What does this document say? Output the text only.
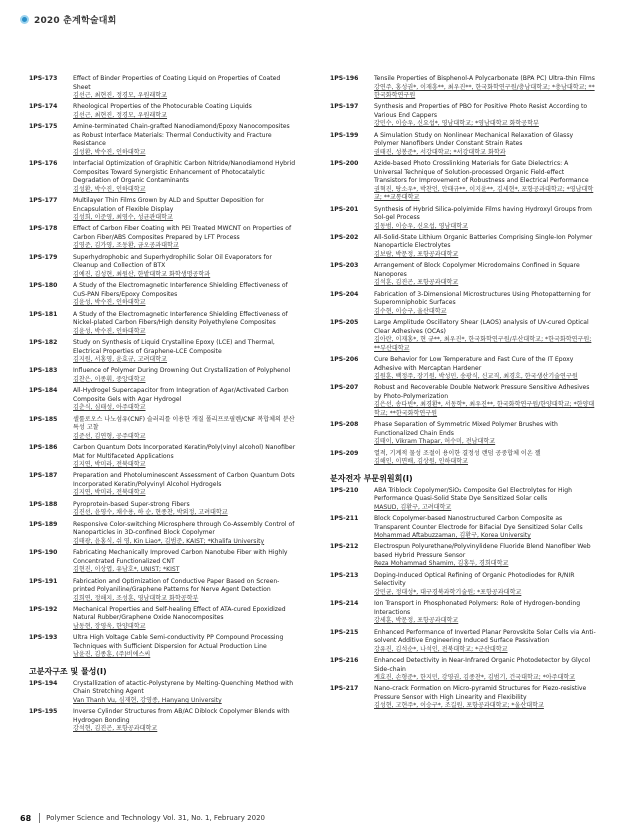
2020 춘계학술대회
1PS-173	Effect of Binder Properties of Coating Liquid on Properties of Coated Sheet
김선근, 최현진, 정경모, 우원래학교
1PS-174	Rheological Properties of the Photocurable Coating Liquids
김선근, 최현진, 정경모, 우원래학교
1PS-175	Amine-terminated Chain-grafted Nanodiamond/Epoxy Nanocomposites as Robust Interface Materials: Thermal Conductivity and Fracture Resistance
김성환, 박수진, 인하대학교
1PS-176	Interfacial Optimization of Graphitic Carbon Nitride/Nanodiamond Hybrid Composites Toward Synergistic Enhancement of Photocatalytic Degradation of Organic Contaminants
김성환, 박수진, 인하대학교
1PS-177	Multilayer Thin Films Grown by ALD and Sputter Deposition for Encapsulation of Flexible Display
김성희, 이준영, 최영수, 성균관대학교
1PS-178	Effect of Carbon Fiber Coating with PEI Treated MWCNT on Properties of Carbon Fiber/ABS Composites Prepared by LFT Process
김영준, 김가영, 조동환, 금오공과대학교
1PS-179	Superhydrophobic and Superhydrophilic Solar Oil Evaporators for Cleanup and Collection of BTX
김예진, 김성현, 최원산, 한밭대학교 화학생명공학과
1PS-180	A Study of the Electromagnetic Interference Shielding Effectiveness of CuS-PAN Fibers/Epoxy Composites
김윤성, 박수진, 인하대학교
1PS-181	A Study of the Electromagnetic Interference Shielding Effectiveness of Nickel-plated Carbon Fibers/High density Polyethylene Composites
김윤성, 박수진, 인하대학교
1PS-182	Study on Synthesis of Liquid Crystalline Epoxy (LCE) and Thermal, Electrical Properties of Graphene-LCE Composite
김지원, 서홍영, 윤효규, 고려대학교
1PS-183	Influence of Polymer During Drowning Out Crystallization of Polyphenol
김찬은, 이종휘, 중앙대학교
1PS-184	All-Hydrogel Supercapacitor from Integration of Agar/Activated Carbon Composite Gels with Agar Hydrogel
김춘식, 심태성, 아주대학교
1PS-185	셀룰로오스 나노섬유(CNF) 슬러리를 이용한 개질 폴리프로필렌/CNF 복합체의 분산특성 고찰
김준선, 김연형, 공주대학교
1PS-186	Carbon Quantum Dots Incorporated Keratin/Poly(vinyl alcohol) Nanofiber Mat for Multifaceted Applications
김지연, 박미라, 전북대학교
1PS-187	Preparation and Photoluminescent Assessment of Carbon Quantum Dots Incorporated Keratin/Polyvinyl Alcohol Hydrogels
김지연, 박미라, 전북대학교
1PS-188	Pyroprotein-based Super-strong Fibers
김진선, 윤영수, 채수용, 하 순, 현종찬, 박외정, 고려대학교
1PS-189	Responsive Color-switching Microsphere through Co-Assembly Control of Nanoparticles in 3D-confined Block Copolymer
김태광, 윤홍식, 쉬 영, Kin Liao*, 김범준, KAIST; *Khalifa University
1PS-190	Fabricating Mechanically Improved Carbon Nanotube Fiber with Highly Concentrated Functionalized CNT
김현진, 이상엽, 유남호*, UNIST; *KIST
1PS-191	Fabrication and Optimization of Conductive Paper Based on Screen-printed Polyaniline/Graphene Patterns for Nerve Agent Detection
김희연, 정해지, 조성훈, 영남대학교 화학공학부
1PS-192	Mechanical Properties and Self-healing Effect of ATA-cured Epoxidized Natural Rubber/Graphene Oxide Nanocomposites
남동현, 장영욱, 한양대학교
1PS-193	Ultra High Voltage Cable Semi-conductivity PP Compound Processing Techniques with Sufficient Dispersion for Actual Production Line
남윤진, 김종훈, (주)비에스씨
고분자구조 및 물성(I)
1PS-194	Crystallization of atactic-Polystyrene by Melting-Quenching Method with Chain Stretching Agent
Van Thanh Vu, 심재현, 강영종, Hanyang University
1PS-195	Inverse Cylinder Structures from AB/AC Diblock Copolymer Blends with Hydrogen Bonding
강석현, 김진곤, 포항공과대학교
1PS-196	Tensile Properties of Bisphenol-A Polycarbonate (BPA PC) Ultra-thin Films
강연주, 홍성권*, 이재흥**, 최우진**, 한국화학연구원/충남대학교; *충남대학교; **한국화학연구원
1PS-197	Synthesis and Properties of PBO for Positive Photo Resist According to Various End Cappers
강민수, 이승우, 신요섭*, 영남대학교; *영남대학교 화학공학부
1PS-199	A Simulation Study on Nonlinear Mechanical Relaxation of Glassy Polymer Nanofibers Under Constant Strain Rates
권태진, 성봉준*, 서강대학교; *서강대학교 화학과
1PS-200	Azide-based Photo Crosslinking Materials for Gate Dielectrics: A Universal Technique of Solution-processed Organic Field-effect Transistors for Improvement of Robustness and Electrical Performance
권혁진, 탕소우*, 박찬언, 안태규**, 이지윤**, 김세현*, 포항공과대학교; *영남대학교; **교통대학교
1PS-201	Synthesis of Hybrid Silica-polyimide Films having Hydroxyl Groups from Sol-gel Process
김동범, 이승우, 신요섭, 영남대학교
1PS-202	All-Solid-State Lithium Organic Batteries Comprising Single-Ion Polymer Nanoparticle Electrolytes
김보람, 박문정, 포항공과대학교
1PS-203	Arrangement of Block Copolymer Microdomains Confined in Square Nanopores
김석훈, 김진곤, 포항공과대학교
1PS-204	Fabrication of 3-Dimensional Microstructures Using Photopatterning for Superomniphobic Surfaces
김수현, 이승구, 울산대학교
1PS-205	Large Amplitude Oscillatory Shear (LAOS) analysis of UV-cured Optical Clear Adhesives (OCAs)
김아란, 이재홍*, 현 규**, 최우진*, 한국화학연구원/부산대학교; *한국화학연구원; **부산대학교
1PS-206	Cure Behavior for Low Temperature and Fast Cure of the IT Epoxy Adhesive with Mercaptan Hardener
김원훈, 백정주, 장기원, 박성민, 송광식, 신교직, 최경호, 한국생산기술연구원
1PS-207	Robust and Recoverable Double Network Pressure Sensitive Adhesives by Photo-Polymerization
김은선, 송다빈*, 최경환*, 서동학*, 최우진**, 한국화학연구원/한양대학교; *한양대학교; **한국화학연구원
1PS-208	Phase Separation of Symmetric Mixed Polymer Brushes with Functionalized Chain Ends
김태이, Vikram Thapar, 허수미, 전남대학교
1PS-209	열적, 기계적 물성 조절이 용이한 결정성 랜덤 공중합체 이온 젤
김해인, 이면배, 김상원, 인하대학교
분자전자 부문위원회(I)
1PS-210	ABA Triblock Copolymer/SiO₂ Composite Gel Electrolytes for High Performance Quasi-Solid State Dye Sensitized Solar cells
MASUD, 김환구, 고려대학교
1PS-211	Block Copolymer-based Nanostructured Carbon Composite as Transparent Counter Electrode for Bifacial Dye Sensitized Solar Cells
Mohammad Aftabuzzaman, 김환구, Korea University
1PS-212	Electrospun Polyurethane/Polyvinylidene Fluoride Blend Nanofiber Web based Hybrid Pressure Sensor
Reza Mohammad Shamim, 김홍두, 경희대학교
1PS-213	Doping-Induced Optical Refining of Organic Photodiodes for R/NIR Selectivity
강민균, 정대성*, 대구경북과학기술원; *포항공과대학교
1PS-214	Ion Transport in Phosphonated Polymers: Role of Hydrogen-bonding Interactions
강세훈, 박문정, 포항공과대학교
1PS-215	Enhanced Performance of Inverted Planar Perovskite Solar Cells via Anti-solvent Additive Engineering Induced Surface Passivation
강유진, 김석순*, 나석인, 전북대학교; *군산대학교
1PS-216	Enhanced Detectivity in Near-Infrared Organic Photodetector by Glycol Side-chain
계효진, 손형준*, 한지민, 강영권, 김종찬*, 김범기, 건국대학교; *아주대학교
1PS-217	Nano-crack Formation on Micro-pyramid Structures for Piezo-resistive Pressure Sensor with High Linearity and Flexibility
김성현, 고현주*, 이승구*, 조길원, 포항공과대학교; *울산대학교
68 Polymer Science and Technology Vol. 31, No. 1, February 2020
